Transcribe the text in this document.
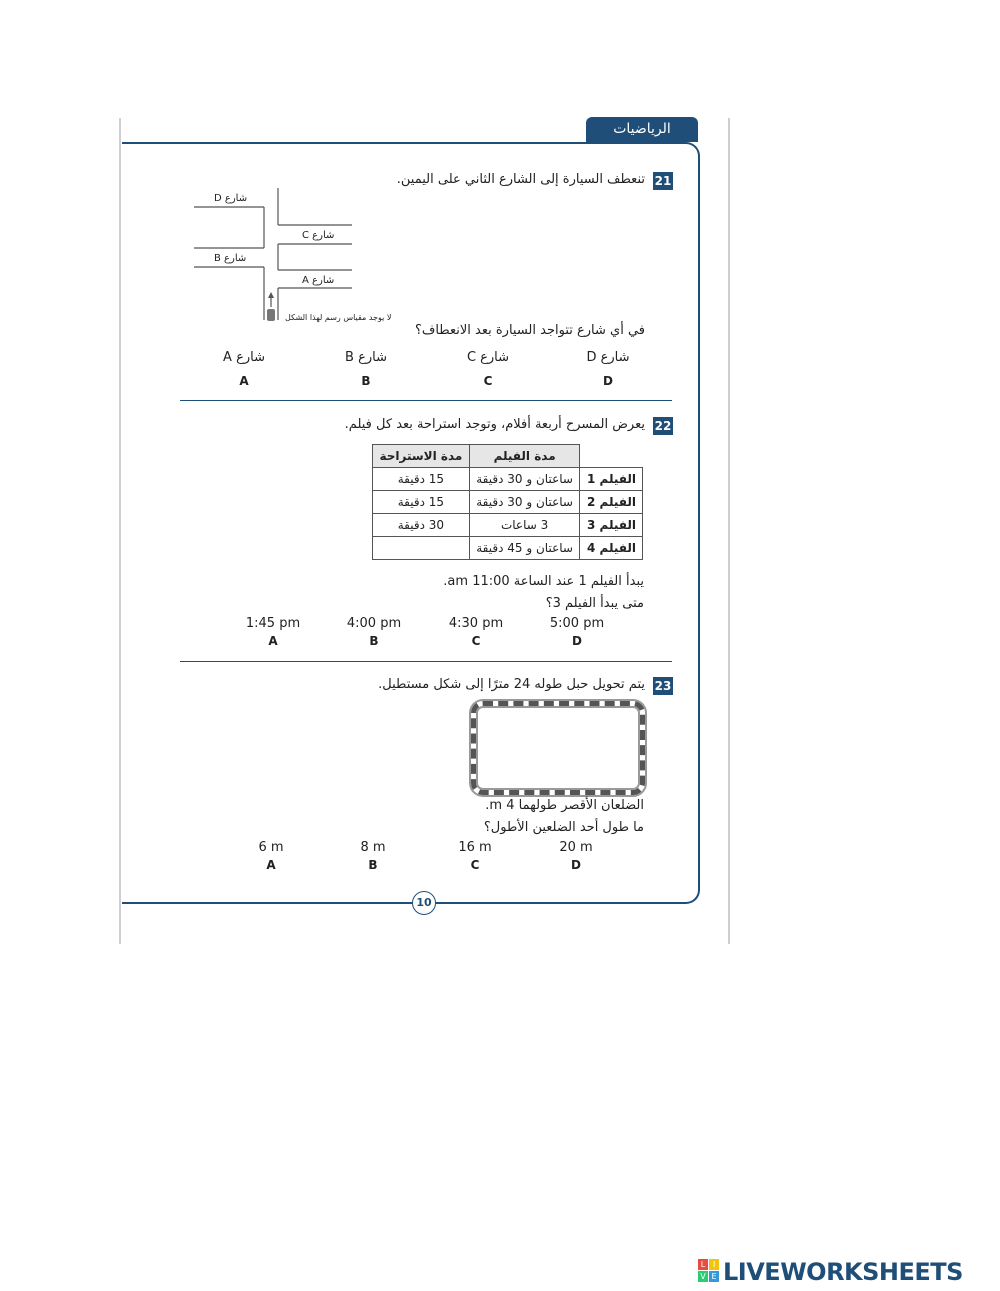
الرياضيات
21
تنعطف السيارة إلى الشارع الثاني على اليمين.
شارع D
شارع C
شارع B
شارع A
لا يوجد مقياس رسم لهذا الشكل
في أي شارع تتواجد السيارة بعد الانعطاف؟
شارع D
D
شارع C
C
شارع B
B
شارع A
A
22
يعرض المسرح أربعة أفلام، وتوجد استراحة بعد كل فيلم.
	مدة الفيلم	مدة الاستراحة
الفيلم 1	ساعتان و 30 دقيقة	15 دقيقة
الفيلم 2	ساعتان و 30 دقيقة	15 دقيقة
الفيلم 3	3 ساعات	30 دقيقة
الفيلم 4	ساعتان و 45 دقيقة	
يبدأ الفيلم 1 عند الساعة 11:00 am.
متى يبدأ الفيلم 3؟
5:00 pm
D
4:30 pm
C
4:00 pm
B
1:45 pm
A
23
يتم تحويل حبل طوله 24 مترًا إلى شكل مستطيل.
الضلعان الأقصر طولهما 4 m.
ما طول أحد الضلعين الأطول؟
20 m
D
16 m
C
8 m
B
6 m
A
10
L I
V E LIVEWORKSHEETS
